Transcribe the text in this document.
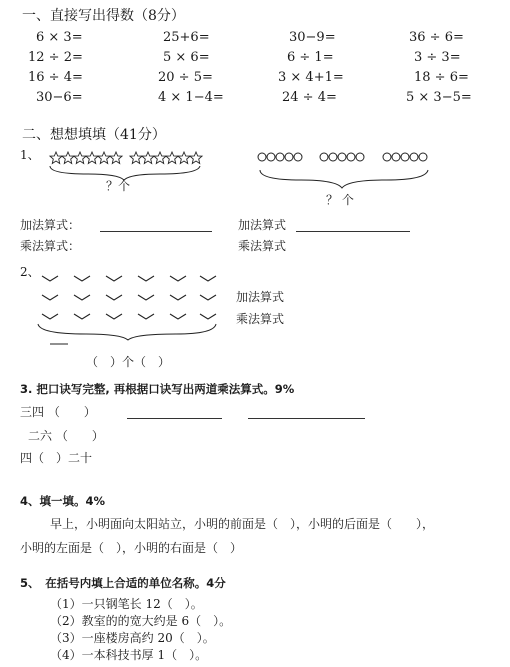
一、直接写出得数（8分）
6 × 3=	25+6=	30−9=	36 ÷ 6=
12 ÷ 2=	5 × 6=	6 ÷ 1=	3 ÷ 3=
16 ÷ 4=	20 ÷ 5=	3 × 4+1=	18 ÷ 6=
30−6=	4 × 1−4=	24 ÷ 4=	5 × 3−5=
二、想想填填（41分）
1、
？个
？ 个
加法算式：	加法算式
乘法算式：	乘法算式
2、
加法算式
乘法算式
（　）个（　）
3. 把口诀写完整, 再根据口诀写出两道乘法算式。9%
三四 （　　）
二六 （　　）
四（　）二十
4、填一填。4%
早上，小明面向太阳站立，小明的前面是（　），小明的后面是（　　），
小明的左面是（　），小明的右面是（　）
5、　在括号内填上合适的单位名称。4分
（1）一只钢笔长 12（　）。
（2）教室的的宽大约是 6（　）。
（3）一座楼房高约 20（　）。
（4）一本科技书厚 1（　）。
